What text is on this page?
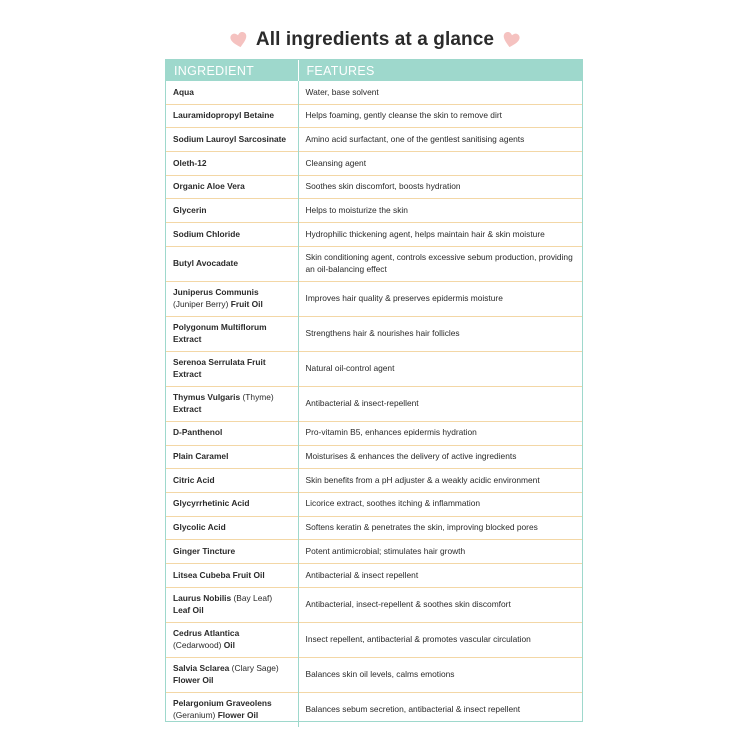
All ingredients at a glance
INGREDIENT	FEATURES
Aqua	Water, base solvent
Lauramidopropyl Betaine	Helps foaming, gently cleanse the skin to remove dirt
Sodium Lauroyl Sarcosinate	Amino acid surfactant, one of the gentlest sanitising agents
Oleth-12	Cleansing agent
Organic Aloe Vera	Soothes skin discomfort, boosts hydration
Glycerin	Helps to moisturize the skin
Sodium Chloride	Hydrophilic thickening agent, helps maintain hair & skin moisture
Butyl Avocadate	Skin conditioning agent, controls excessive sebum production, providing an oil-balancing effect
Juniperus Communis
(Juniper Berry) Fruit Oil	Improves hair quality & preserves epidermis moisture
Polygonum Multiflorum Extract	Strengthens hair & nourishes hair follicles
Serenoa Serrulata Fruit Extract	Natural oil-control agent
Thymus Vulgaris (Thyme)
Extract	Antibacterial & insect-repellent
D-Panthenol	Pro-vitamin B5, enhances epidermis hydration
Plain Caramel	Moisturises & enhances the delivery of active ingredients
Citric Acid	Skin benefits from a pH adjuster & a weakly acidic environment
Glycyrrhetinic Acid	Licorice extract, soothes itching & inflammation
Glycolic Acid	Softens keratin & penetrates the skin, improving blocked pores
Ginger Tincture	Potent antimicrobial; stimulates hair growth
Litsea Cubeba Fruit Oil	Antibacterial & insect repellent
Laurus Nobilis (Bay Leaf)
Leaf Oil	Antibacterial, insect-repellent & soothes skin discomfort
Cedrus Atlantica
(Cedarwood) Oil	Insect repellent, antibacterial & promotes vascular circulation
Salvia Sclarea (Clary Sage)
Flower Oil	Balances skin oil levels, calms emotions
Pelargonium Graveolens
(Geranium) Flower Oil	Balances sebum secretion, antibacterial & insect repellent
